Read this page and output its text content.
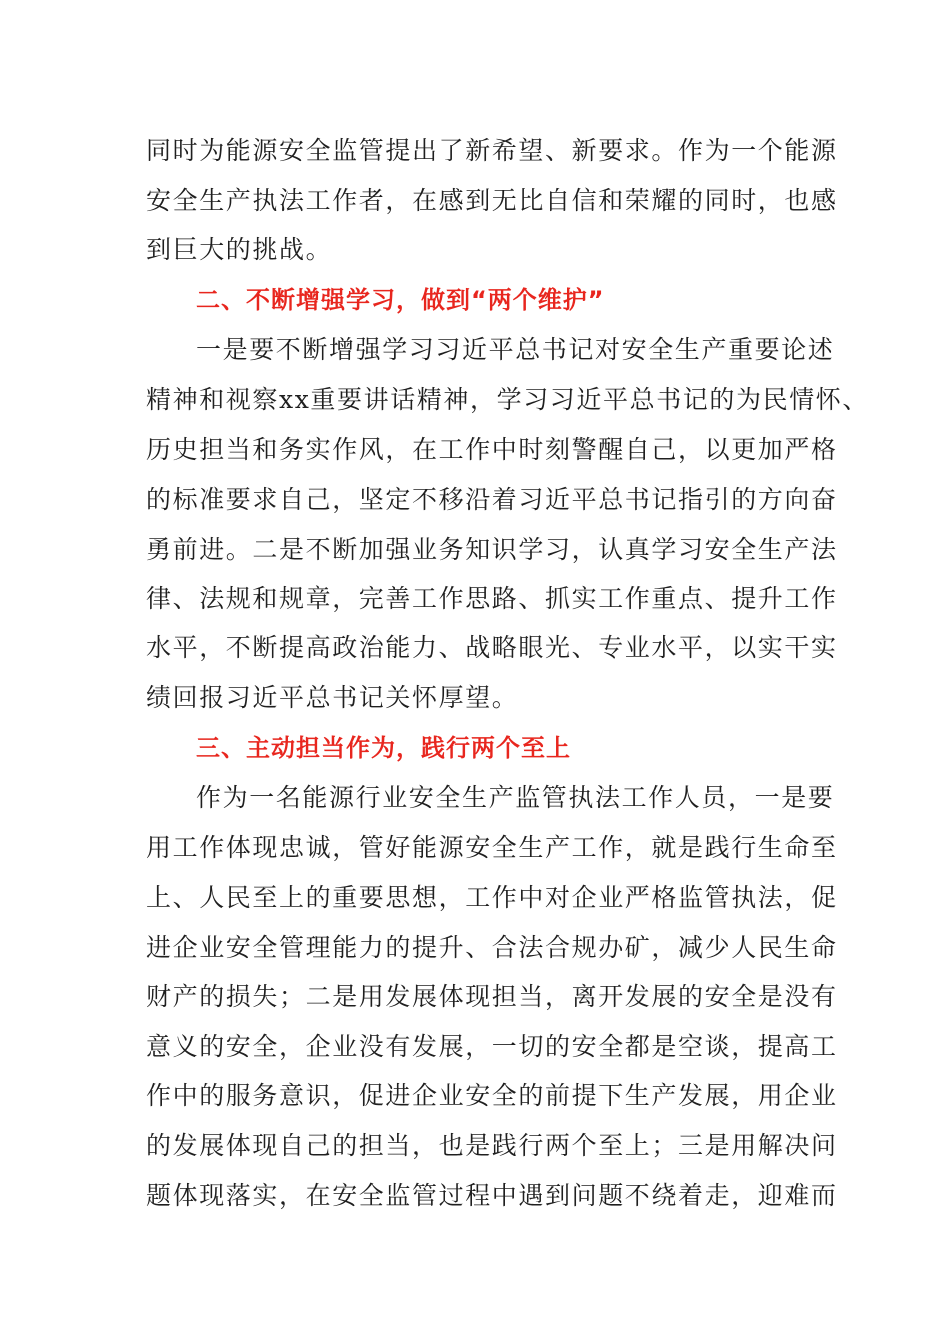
同时为能源安全监管提出了新希望、新要求。作为一个能源
安全生产执法工作者，在感到无比自信和荣耀的同时，也感
到巨大的挑战。
二、不断增强学习，做到“两个维护”
一是要不断增强学习习近平总书记对安全生产重要论述
精神和视察xx重要讲话精神，学习习近平总书记的为民情怀、
历史担当和务实作风，在工作中时刻警醒自己，以更加严格
的标准要求自己，坚定不移沿着习近平总书记指引的方向奋
勇前进。二是不断加强业务知识学习，认真学习安全生产法
律、法规和规章，完善工作思路、抓实工作重点、提升工作
水平，不断提高政治能力、战略眼光、专业水平，以实干实
绩回报习近平总书记关怀厚望。
三、主动担当作为，践行两个至上
作为一名能源行业安全生产监管执法工作人员，一是要
用工作体现忠诚，管好能源安全生产工作，就是践行生命至
上、人民至上的重要思想，工作中对企业严格监管执法，促
进企业安全管理能力的提升、合法合规办矿，减少人民生命
财产的损失；二是用发展体现担当，离开发展的安全是没有
意义的安全，企业没有发展，一切的安全都是空谈，提高工
作中的服务意识，促进企业安全的前提下生产发展，用企业
的发展体现自己的担当，也是践行两个至上；三是用解决问
题体现落实，在安全监管过程中遇到问题不绕着走，迎难而
